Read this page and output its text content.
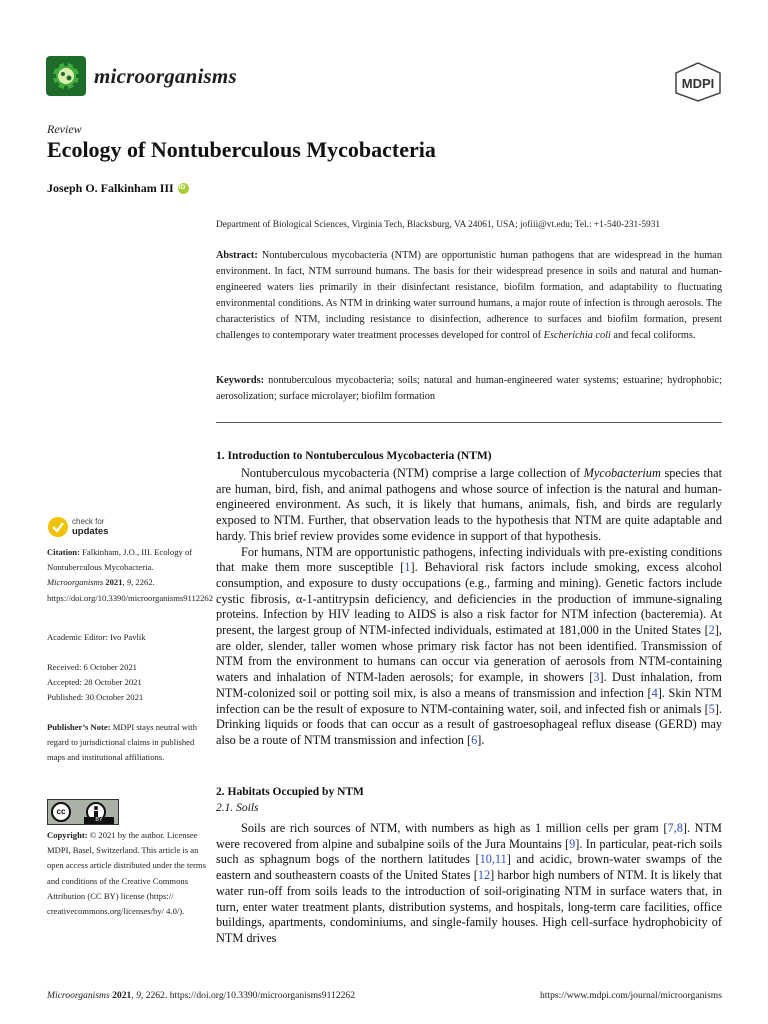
microorganisms	MDPI
Review
Ecology of Nontuberculous Mycobacteria
Joseph O. Falkinham III
iD
Department of Biological Sciences, Virginia Tech, Blacksburg, VA 24061, USA; jofiii@vt.edu; Tel.: +1-540-231-5931
Abstract: Nontuberculous mycobacteria (NTM) are opportunistic human pathogens that are widespread in the human environment. In fact, NTM surround humans. The basis for their widespread presence in soils and natural and human-engineered waters lies primarily in their disinfectant resistance, biofilm formation, and adaptability to fluctuating environmental conditions. As NTM in drinking water surround humans, a major route of infection is through aerosols. The characteristics of NTM, including resistance to disinfection, adherence to surfaces and biofilm formation, present challenges to contemporary water treatment processes developed for control of Escherichia coli and fecal coliforms.
Keywords: nontuberculous mycobacteria; soils; natural and human-engineered water systems; estuarine; hydrophobic; aerosolization; surface microlayer; biofilm formation
check for
updates
Citation: Falkinham, J.O., III. Ecology of Nontuberculous Mycobacteria. Microorganisms 2021, 9, 2262. https://doi.org/10.3390/microorganisms9112262
Academic Editor: Ivo Pavlik
Received: 6 October 2021
Accepted: 28 October 2021
Published: 30 October 2021
Publisher’s Note: MDPI stays neutral with regard to jurisdictional claims in published maps and institutional affiliations.
cc
BY
Copyright: © 2021 by the author. Licensee MDPI, Basel, Switzerland. This article is an open access article distributed under the terms and conditions of the Creative Commons Attribution (CC BY) license (https:// creativecommons.org/licenses/by/ 4.0/).
1. Introduction to Nontuberculous Mycobacteria (NTM)

Nontuberculous mycobacteria (NTM) comprise a large collection of Mycobacterium species that are human, bird, fish, and animal pathogens and whose source of infection is the natural and human-engineered environment. As such, it is likely that humans, animals, fish, and birds are regularly exposed to NTM. Further, that observation leads to the hypothesis that NTM are quite adaptable and hardy. This brief review provides some evidence in support of that hypothesis.

For humans, NTM are opportunistic pathogens, infecting individuals with pre-existing conditions that make them more susceptible [1]. Behavioral risk factors include smoking, excess alcohol consumption, and exposure to dusty occupations (e.g., farming and mining). Genetic factors include cystic fibrosis, α-1-antitrypsin deficiency, and deficiencies in the production of immune-signaling proteins. Infection by HIV leading to AIDS is also a risk factor for NTM infection (bacteremia). At present, the largest group of NTM-infected individuals, estimated at 181,000 in the United States [2], are older, slender, taller women whose primary risk factor has not been identified. Transmission of NTM from the environment to humans can occur via generation of aerosols from NTM-containing waters and inhalation of NTM-laden aerosols; for example, in showers [3]. Dust inhalation, from NTM-colonized soil or potting soil mix, is also a means of transmission and infection [4]. Skin NTM infection can be the result of exposure to NTM-containing water, soil, and infected fish or animals [5]. Drinking liquids or foods that can occur as a result of gastroesophageal reflux disease (GERD) may also be a route of NTM transmission and infection [6].

2. Habitats Occupied by NTM
2.1. Soils

Soils are rich sources of NTM, with numbers as high as 1 million cells per gram [7,8]. NTM were recovered from alpine and subalpine soils of the Jura Mountains [9]. In particular, peat-rich soils such as sphagnum bogs of the northern latitudes [10,11] and acidic, brown-water swamps of the eastern and southeastern coasts of the United States [12] harbor high numbers of NTM. It is likely that water run-off from soils leads to the introduction of soil-originating NTM in surface waters that, in turn, enter water treatment plants, distribution systems, and hospitals, long-term care facilities, office buildings, apartments, condominiums, and single-family houses. High cell-surface hydrophobicity of NTM drives

Microorganisms 2021, 9, 2262. https://doi.org/10.3390/microorganisms9112262	https://www.mdpi.com/journal/microorganisms
